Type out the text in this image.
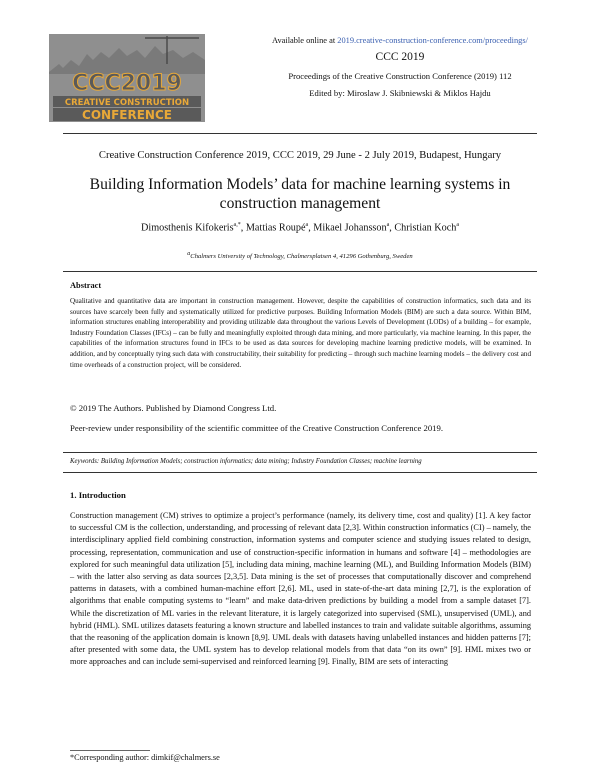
CCC2019
CREATIVE CONSTRUCTION
CONFERENCE
Available online at 2019.creative-construction-conference.com/proceedings/
CCC 2019
Proceedings of the Creative Construction Conference (2019) 112
Edited by: Miroslaw J. Skibniewski & Miklos Hajdu
Creative Construction Conference 2019, CCC 2019, 29 June - 2 July 2019, Budapest, Hungary
Building Information Models’ data for machine learning systems in construction management
Dimosthenis Kifokeris$^{a,*}$, Mattias Roupé$^a$, Mikael Johansson$^a$, Christian Koch$^a$
$^a$Chalmers University of Technology, Chalmersplatsen 4, 41296 Gothenburg, Sweden
Abstract
Qualitative and quantitative data are important in construction management. However, despite the capabilities of construction informatics, such data and its sources have scarcely been fully and systematically utilized for predictive purposes. Building Information Models (BIM) are such a data source. Within BIM, information structures enabling interoperability and providing utilizable data throughout the various Levels of Development (LODs) of a building – for example, Industry Foundation Classes (IFCs) – can be fully and meaningfully exploited through data mining, and more particularly, via machine learning. In this paper, the capabilities of the information structures found in IFCs to be used as data sources for developing machine learning predictive models, will be examined. In addition, and by conceptually tying such data with constructability, their suitability for predicting – through such machine learning models – the delivery cost and time overheads of a construction project, will be considered.
© 2019 The Authors. Published by Diamond Congress Ltd.
Peer-review under responsibility of the scientific committee of the Creative Construction Conference 2019.
Keywords: Building Information Models; construction informatics; data mining; Industry Foundation Classes; machine learning
1. Introduction

Construction management (CM) strives to optimize a project’s performance (namely, its delivery time, cost and quality) [1]. A key factor to successful CM is the collection, understanding, and processing of relevant data [2,3]. Within construction informatics (CI) – namely, the interdisciplinary applied field combining construction, information systems and computer science and studying issues related to design, processing, representation, communication and use of construction-specific information in humans and software [4] – methodologies are explored for such meaningful data utilization [5], including data mining, machine learning (ML), and Building Information Models (BIM) – with the latter also serving as data sources [2,3,5]. Data mining is the set of processes that computationally discover and comprehend patterns in datasets, with a combined human-machine effort [2,6]. ML, used in state-of-the-art data mining [2,7], is the exploration of algorithms that enable computing systems to “learn” and make data-driven predictions by building a model from a sample dataset [7]. While the discretization of ML varies in the relevant literature, it is largely categorized into supervised (SML), unsupervised (UML), and hybrid (HML). SML utilizes datasets featuring a known structure and labelled instances to train and validate suitable algorithms, assuming that the reasoning of the application domain is known [8,9]. UML deals with datasets having unlabelled instances and hidden patterns [7]; after presented with some data, the UML system has to develop relational models from that data “on its own” [9]. HML mixes two or more approaches and can include semi-supervised and reinforced learning [9]. Finally, BIM are sets of interacting

*Corresponding author: dimkif@chalmers.se
